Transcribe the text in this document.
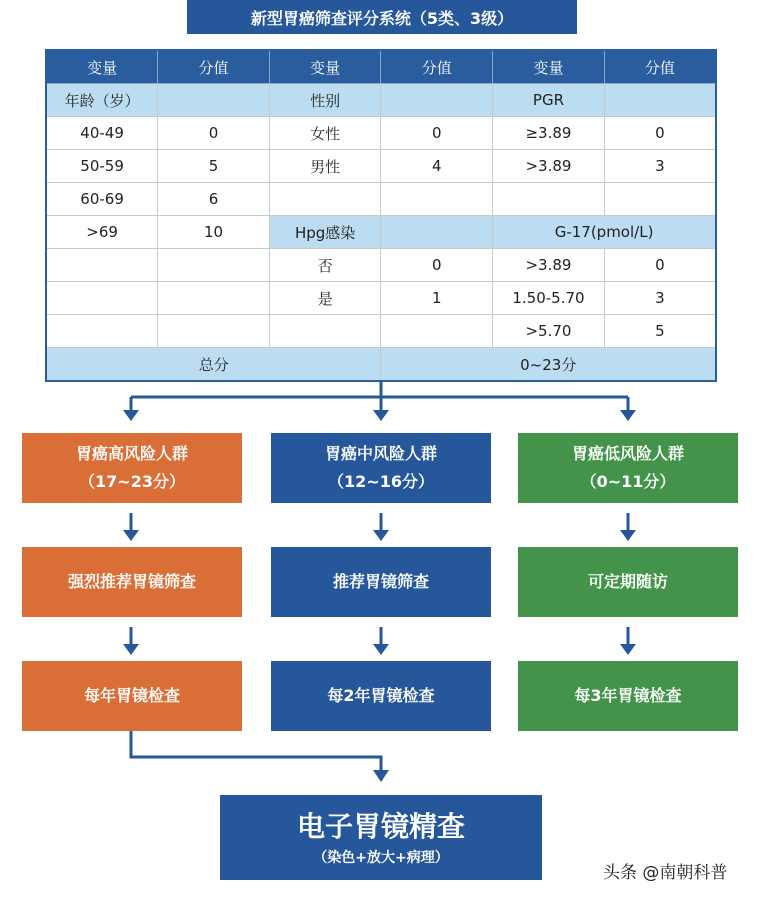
新型胃癌筛查评分系统（5类、3级）
变量	分值	变量	分值	变量	分值
年龄（岁）		性别		PGR	
40-49	0	女性	0	≥3.89	0
50-59	5	男性	4	>3.89	3
60-69	6				
>69	10	Hpg感染		G-17(pmol/L)	
		否	0	>3.89	0
		是	1	1.50-5.70	3
				>5.70	5
总分			0~23分		
胃癌高风险人群
（17~23分）
胃癌中风险人群
（12~16分）
胃癌低风险人群
（0~11分）
强烈推荐胃镜筛查	推荐胃镜筛查	可定期随访
每年胃镜检查	每2年胃镜检查	每3年胃镜检查
电子胃镜精查
（染色+放大+病理）
头条 @南朝科普
